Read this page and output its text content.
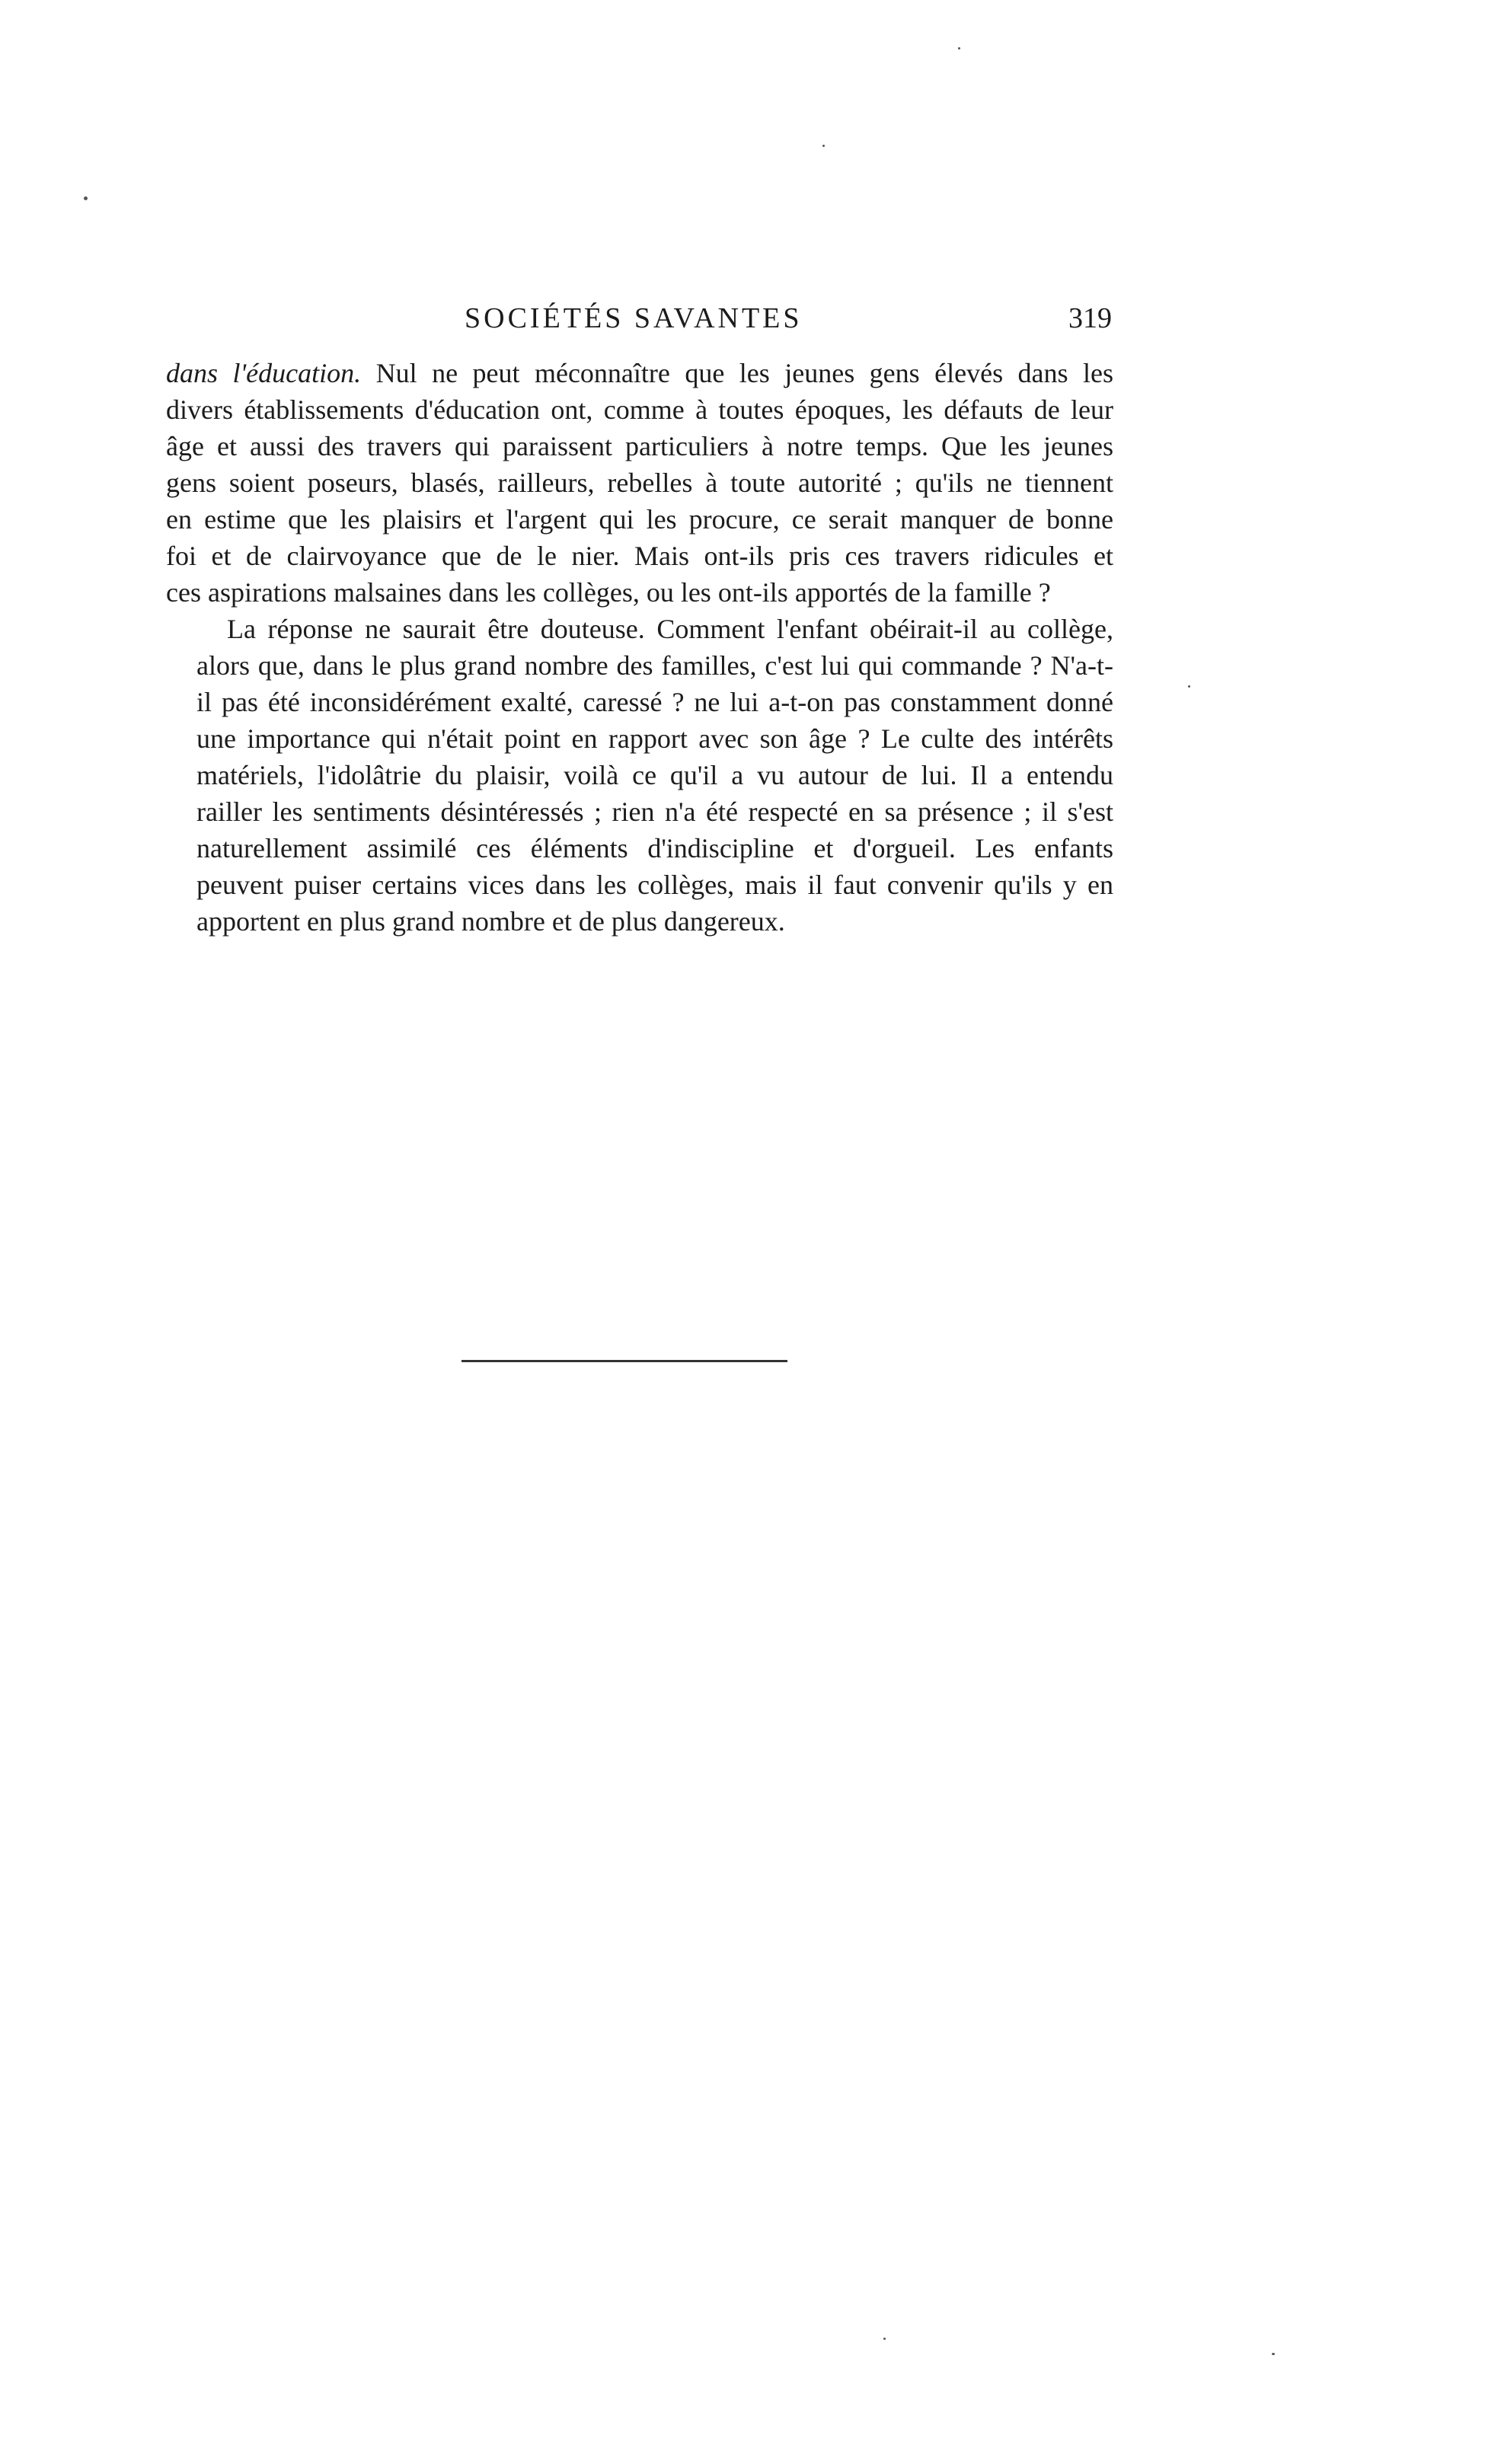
SOCIÉTÉS SAVANTES	319

dans l'éducation. Nul ne peut méconnaître que les jeunes gens élevés dans les
divers établissements d'éducation ont, comme à toutes époques, les défauts de leur
âge et aussi des travers qui paraissent particuliers à notre temps. Que les jeunes
gens soient poseurs, blasés, railleurs, rebelles à toute autorité ; qu'ils ne tiennent
en estime que les plaisirs et l'argent qui les procure, ce serait manquer de bonne
foi et de clairvoyance que de le nier. Mais ont-ils pris ces travers ridicules et
ces aspirations malsaines dans les collèges, ou les ont-ils apportés de la famille ?

La réponse ne saurait être douteuse. Comment l'enfant obéirait-il au collège,
alors que, dans le plus grand nombre des familles, c'est lui qui commande ? N'a-t-
il pas été inconsidérément exalté, caressé ? ne lui a-t-on pas constamment donné
une importance qui n'était point en rapport avec son âge ? Le culte des intérêts
matériels, l'idolâtrie du plaisir, voilà ce qu'il a vu autour de lui. Il a entendu
railler les sentiments désintéressés ; rien n'a été respecté en sa présence ; il s'est
naturellement assimilé ces éléments d'indiscipline et d'orgueil. Les enfants
peuvent puiser certains vices dans les collèges, mais il faut convenir qu'ils y en
apportent en plus grand nombre et de plus dangereux.
